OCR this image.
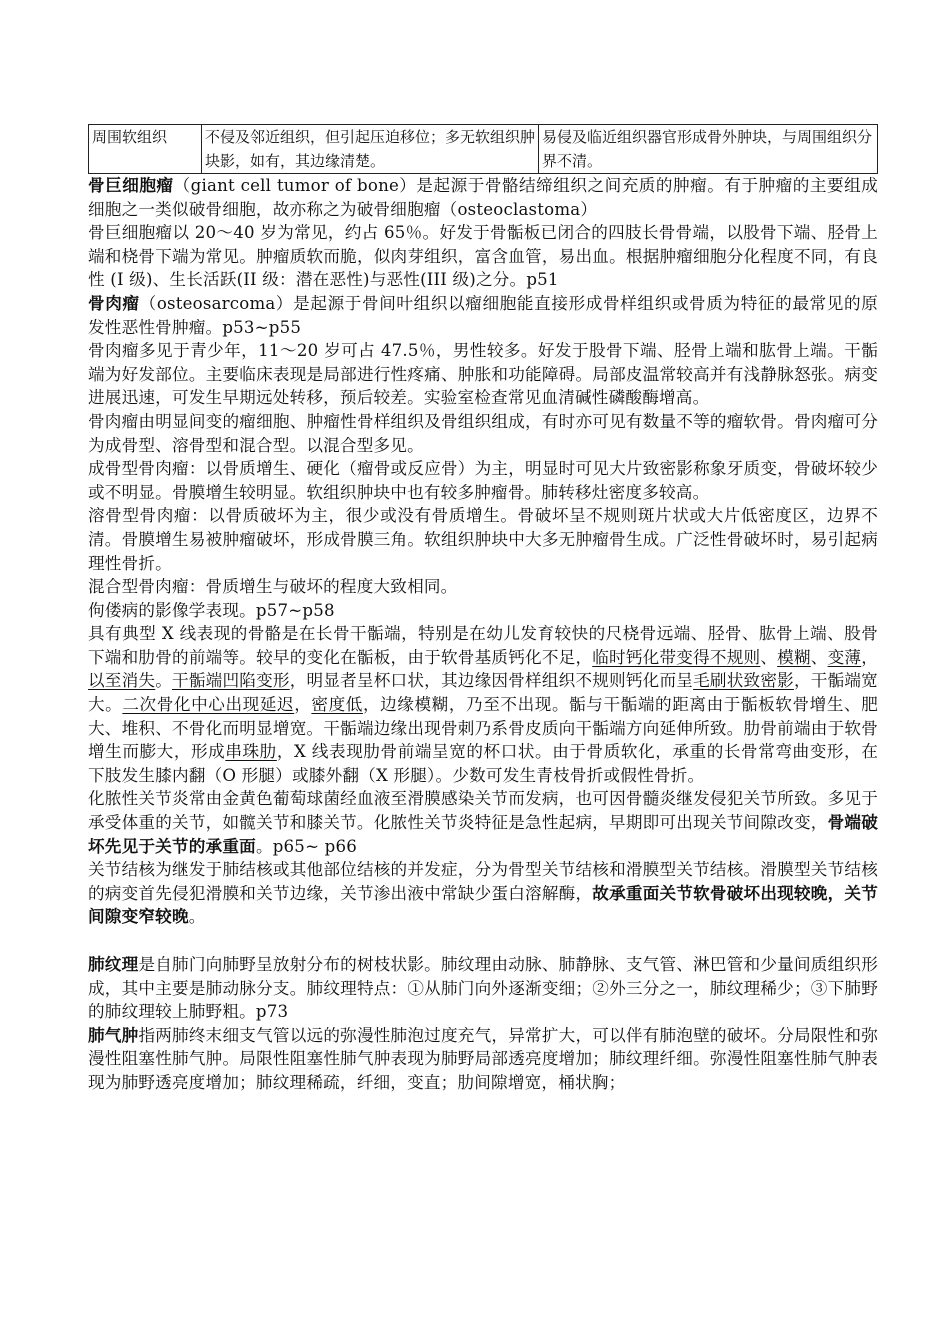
周围软组织	不侵及邻近组织，但引起压迫移位；多无软组织肿块影，如有，其边缘清楚。	易侵及临近组织器官形成骨外肿块，与周围组织分界不清。

骨巨细胞瘤（giant cell tumor of bone）是起源于骨骼结缔组织之间充质的肿瘤。有于肿瘤的主要组成细胞之一类似破骨细胞，故亦称之为破骨细胞瘤（osteoclastoma）

骨巨细胞瘤以 20～40 岁为常见，约占 65％。好发于骨骺板已闭合的四肢长骨骨端，以股骨下端、胫骨上端和桡骨下端为常见。肿瘤质软而脆，似肉芽组织，富含血管，易出血。根据肿瘤细胞分化程度不同，有良性 (I 级)、生长活跃(II 级：潜在恶性)与恶性(III 级)之分。p51

骨肉瘤（osteosarcoma）是起源于骨间叶组织以瘤细胞能直接形成骨样组织或骨质为特征的最常见的原发性恶性骨肿瘤。p53~p55

骨肉瘤多见于青少年，11～20 岁可占 47.5％，男性较多。好发于股骨下端、胫骨上端和肱骨上端。干骺端为好发部位。主要临床表现是局部进行性疼痛、肿胀和功能障碍。局部皮温常较高并有浅静脉怒张。病变进展迅速，可发生早期远处转移，预后较差。实验室检查常见血清碱性磷酸酶增高。

骨肉瘤由明显间变的瘤细胞、肿瘤性骨样组织及骨组织组成，有时亦可见有数量不等的瘤软骨。骨肉瘤可分为成骨型、溶骨型和混合型。以混合型多见。

成骨型骨肉瘤：以骨质增生、硬化（瘤骨或反应骨）为主，明显时可见大片致密影称象牙质变，骨破坏较少或不明显。骨膜增生较明显。软组织肿块中也有较多肿瘤骨。肺转移灶密度多较高。

溶骨型骨肉瘤：以骨质破坏为主，很少或没有骨质增生。骨破坏呈不规则斑片状或大片低密度区，边界不清。骨膜增生易被肿瘤破坏，形成骨膜三角。软组织肿块中大多无肿瘤骨生成。广泛性骨破坏时，易引起病理性骨折。

混合型骨肉瘤：骨质增生与破坏的程度大致相同。

佝偻病的影像学表现。p57~p58

具有典型 X 线表现的骨骼是在长骨干骺端，特别是在幼儿发育较快的尺桡骨远端、胫骨、肱骨上端、股骨下端和肋骨的前端等。较早的变化在骺板，由于软骨基质钙化不足，临时钙化带变得不规则、模糊、变薄，以至消失。干骺端凹陷变形，明显者呈杯口状，其边缘因骨样组织不规则钙化而呈毛刷状致密影，干骺端宽大。二次骨化中心出现延迟，密度低，边缘模糊，乃至不出现。骺与干骺端的距离由于骺板软骨增生、肥大、堆积、不骨化而明显增宽。干骺端边缘出现骨刺乃系骨皮质向干骺端方向延伸所致。肋骨前端由于软骨增生而膨大，形成串珠肋，X 线表现肋骨前端呈宽的杯口状。由于骨质软化，承重的长骨常弯曲变形，在下肢发生膝内翻（O 形腿）或膝外翻（X 形腿）。少数可发生青枝骨折或假性骨折。

化脓性关节炎常由金黄色葡萄球菌经血液至滑膜感染关节而发病，也可因骨髓炎继发侵犯关节所致。多见于承受体重的关节，如髋关节和膝关节。化脓性关节炎特征是急性起病，早期即可出现关节间隙改变，骨端破坏先见于关节的承重面。p65~ p66

关节结核为继发于肺结核或其他部位结核的并发症，分为骨型关节结核和滑膜型关节结核。滑膜型关节结核的病变首先侵犯滑膜和关节边缘，关节渗出液中常缺少蛋白溶解酶，故承重面关节软骨破坏出现较晚，关节间隙变窄较晚。

肺纹理是自肺门向肺野呈放射分布的树枝状影。肺纹理由动脉、肺静脉、支气管、淋巴管和少量间质组织形成，其中主要是肺动脉分支。肺纹理特点：①从肺门向外逐渐变细；②外三分之一，肺纹理稀少；③下肺野的肺纹理较上肺野粗。p73

肺气肿指两肺终末细支气管以远的弥漫性肺泡过度充气，异常扩大，可以伴有肺泡壁的破坏。分局限性和弥漫性阻塞性肺气肿。局限性阻塞性肺气肿表现为肺野局部透亮度增加；肺纹理纤细。弥漫性阻塞性肺气肿表现为肺野透亮度增加；肺纹理稀疏，纤细，变直；肋间隙增宽，桶状胸；
